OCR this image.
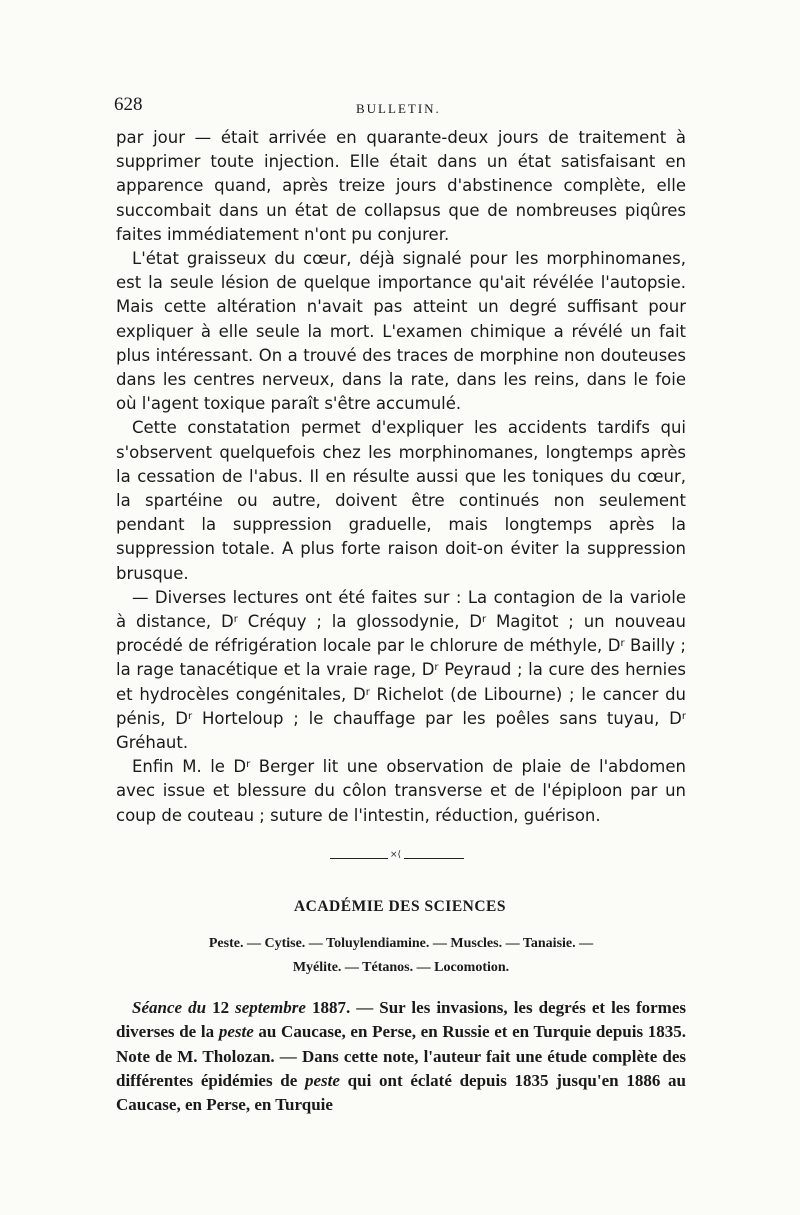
628	BULLETIN.

par jour — était arrivée en quarante-deux jours de traitement à supprimer toute injection. Elle était dans un état satisfaisant en apparence quand, après treize jours d'abstinence complète, elle succombait dans un état de collapsus que de nombreuses piqûres faites immédiatement n'ont pu conjurer.

L'état graisseux du cœur, déjà signalé pour les morphinomanes, est la seule lésion de quelque importance qu'ait révélée l'autopsie. Mais cette altération n'avait pas atteint un degré suffisant pour expliquer à elle seule la mort. L'examen chimique a révélé un fait plus intéressant. On a trouvé des traces de morphine non douteuses dans les centres nerveux, dans la rate, dans les reins, dans le foie où l'agent toxique paraît s'être accumulé.

Cette constatation permet d'expliquer les accidents tardifs qui s'observent quelquefois chez les morphinomanes, longtemps après la cessation de l'abus. Il en résulte aussi que les toniques du cœur, la spartéine ou autre, doivent être continués non seulement pendant la suppression graduelle, mais longtemps après la suppression totale. A plus forte raison doit-on éviter la suppression brusque.

— Diverses lectures ont été faites sur : La contagion de la variole à distance, $D^r$ Créquy ; la glossodynie, $D^r$ Magitot ; un nouveau procédé de réfrigération locale par le chlorure de méthyle, $D^r$ Bailly ; la rage tanacétique et la vraie rage, $D^r$ Peyraud ; la cure des hernies et hydrocèles congénitales, $D^r$ Richelot (de Libourne) ; le cancer du pénis, $D^r$ Horteloup ; le chauffage par les poêles sans tuyau, $D^r$ Gréhaut.

Enfin M. le $D^r$ Berger lit une observation de plaie de l'abdomen avec issue et blessure du côlon transverse et de l'épiploon par un coup de couteau ; suture de l'intestin, réduction, guérison.

⨯⟨
ACADÉMIE DES SCIENCES
Peste. — Cytise. — Toluylendiamine. — Muscles. — Tanaisie. —
Myélite. — Tétanos. — Locomotion.

Séance du 12 septembre 1887. — Sur les invasions, les degrés et les formes diverses de la peste au Caucase, en Perse, en Russie et en Turquie depuis 1835. Note de M. Tholozan. — Dans cette note, l'auteur fait une étude complète des différentes épidémies de peste qui ont éclaté depuis 1835 jusqu'en 1886 au Caucase, en Perse, en Turquie
